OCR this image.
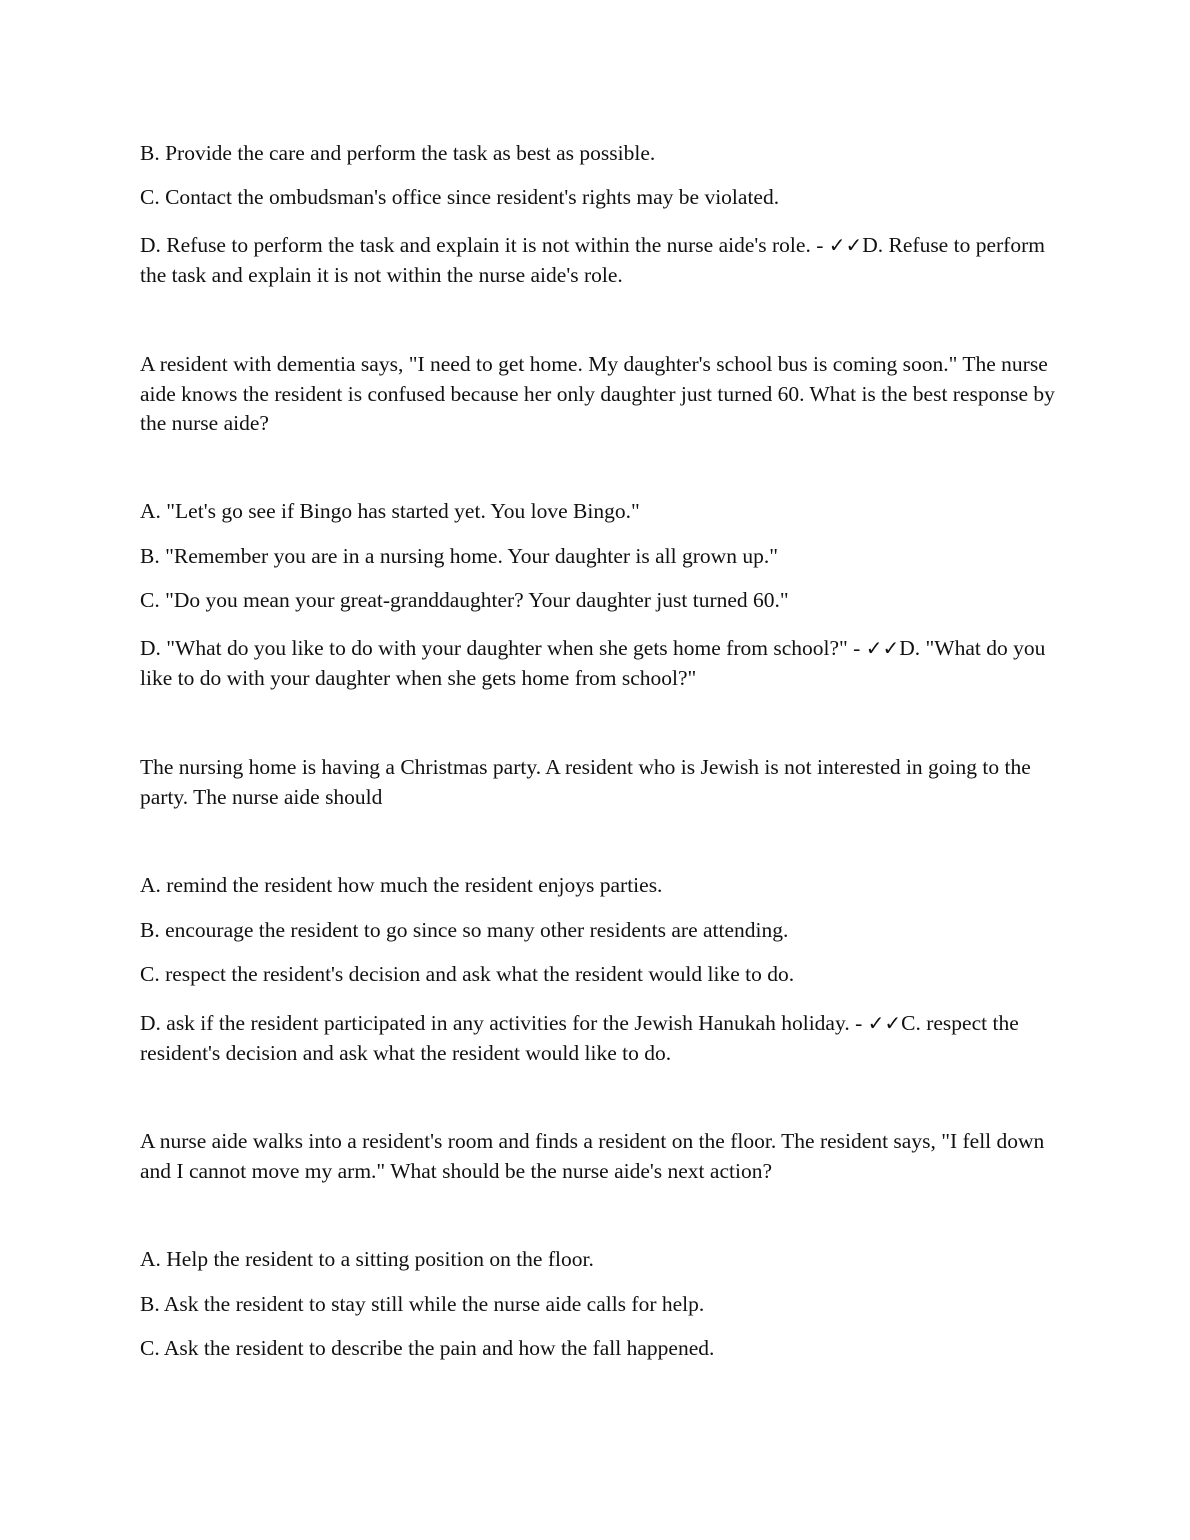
B. Provide the care and perform the task as best as possible.

C. Contact the ombudsman's office since resident's rights may be violated.

D. Refuse to perform the task and explain it is not within the nurse aide's role. - ✓✓D. Refuse to perform the task and explain it is not within the nurse aide's role.

A resident with dementia says, "I need to get home. My daughter's school bus is coming soon." The nurse aide knows the resident is confused because her only daughter just turned 60. What is the best response by the nurse aide?

A. "Let's go see if Bingo has started yet. You love Bingo."

B. "Remember you are in a nursing home. Your daughter is all grown up."

C. "Do you mean your great-granddaughter? Your daughter just turned 60."

D. "What do you like to do with your daughter when she gets home from school?" - ✓✓D. "What do you like to do with your daughter when she gets home from school?"

The nursing home is having a Christmas party. A resident who is Jewish is not interested in going to the party. The nurse aide should

A. remind the resident how much the resident enjoys parties.

B. encourage the resident to go since so many other residents are attending.

C. respect the resident's decision and ask what the resident would like to do.

D. ask if the resident participated in any activities for the Jewish Hanukah holiday. - ✓✓C. respect the resident's decision and ask what the resident would like to do.

A nurse aide walks into a resident's room and finds a resident on the floor. The resident says, "I fell down and I cannot move my arm." What should be the nurse aide's next action?

A. Help the resident to a sitting position on the floor.

B. Ask the resident to stay still while the nurse aide calls for help.

C. Ask the resident to describe the pain and how the fall happened.
